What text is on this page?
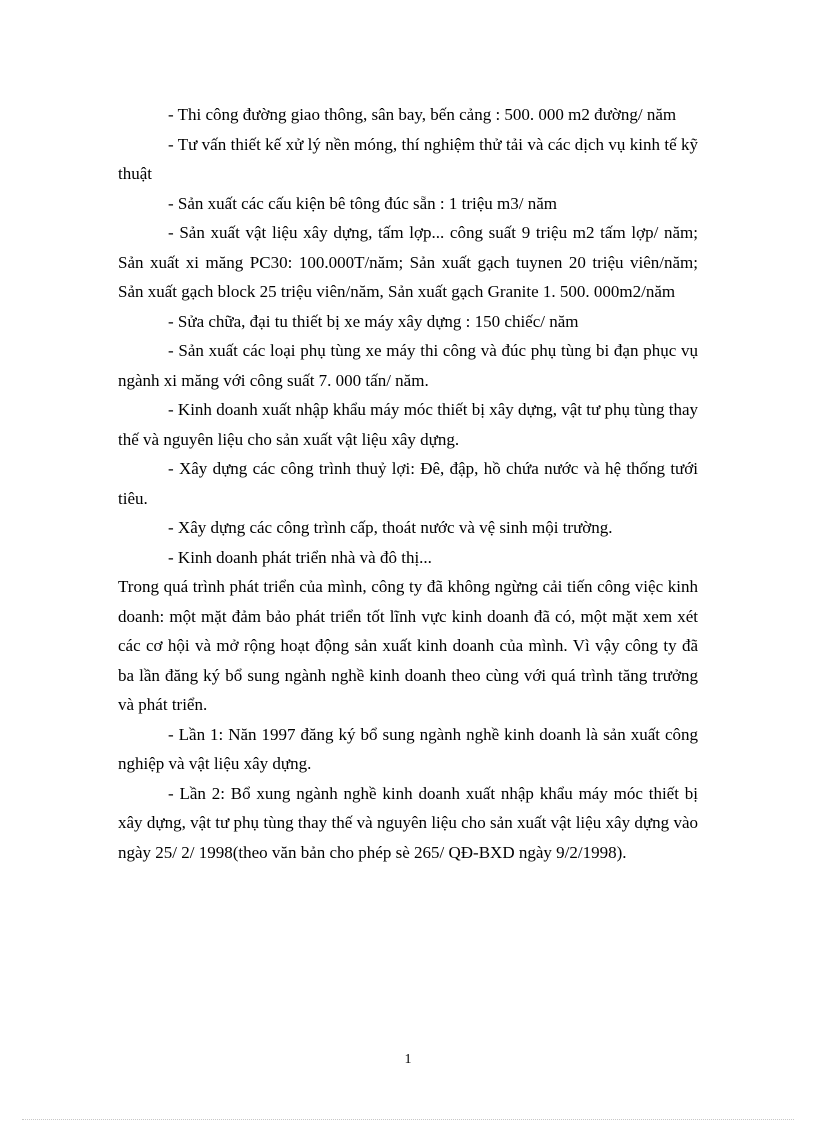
- Thi công đường giao thông, sân bay, bến cảng : 500. 000 m2 đường/ năm

- Tư vấn thiết kế xử lý nền móng, thí nghiệm thử tải và các dịch vụ kinh tế kỹ thuật

- Sản xuất các cấu kiện bê tông đúc sẵn : 1 triệu m3/ năm

- Sản xuất vật liệu xây dựng, tấm lợp... công suất 9 triệu m2 tấm lợp/ năm; Sản xuất xi măng PC30: 100.000T/năm; Sản xuất gạch tuynen 20 triệu viên/năm; Sản xuất gạch block 25 triệu viên/năm, Sản xuất gạch Granite 1. 500. 000m2/năm

- Sửa chữa, đại tu thiết bị xe máy xây dựng : 150 chiếc/ năm

- Sản xuất các loại phụ tùng xe máy thi công và đúc phụ tùng bi đạn phục vụ ngành xi măng với công suất 7. 000 tấn/ năm.

- Kinh doanh xuất nhập khẩu máy móc thiết bị xây dựng, vật tư phụ tùng thay thế và nguyên liệu cho sản xuất vật liệu xây dựng.

- Xây dựng các công trình thuỷ lợi: Đê, đập, hồ chứa nước và hệ thống tưới tiêu.

- Xây dựng các công trình cấp, thoát nước và vệ sinh mội trường.

- Kinh doanh phát triển nhà và đô thị...

Trong quá trình phát triển của mình, công ty đã không ngừng cải tiến công việc kinh doanh: một mặt đảm bảo phát triển tốt lĩnh vực kinh doanh đã có, một mặt xem xét các cơ hội và mở rộng hoạt động sản xuất kinh doanh của mình. Vì vậy công ty đã ba lần đăng ký bổ sung ngành nghề kinh doanh theo cùng với quá trình tăng trưởng và phát triển.

- Lần 1: Năn 1997 đăng ký bổ sung ngành nghề kinh doanh là sản xuất công nghiệp và vật liệu xây dựng.

- Lần 2: Bổ xung ngành nghề kinh doanh xuất nhập khẩu máy móc thiết bị xây dựng, vật tư phụ tùng thay thế và nguyên liệu cho sản xuất vật liệu xây dựng vào ngày 25/ 2/ 1998(theo văn bản cho phép sè 265/ QĐ-BXD ngày 9/2/1998).

1
